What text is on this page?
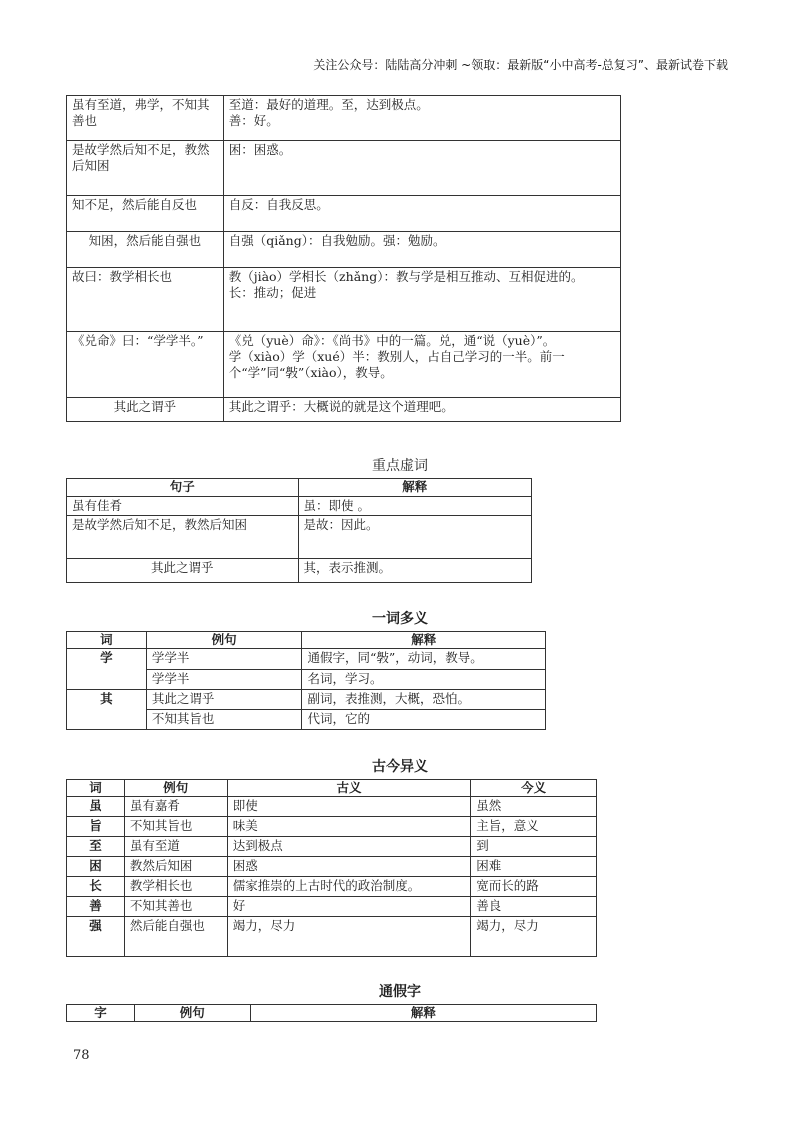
关注公众号：陆陆高分冲刺 ~领取：最新版“小中高考-总复习”、最新试卷下载
虽有至道，弗学，不知其善也	至道：最好的道理。至，达到极点。
善：好。

是故学然后知不足，教然后知困	困：困惑。

知不足，然后能自反也	自反：自我反思。

知困，然后能自强也	自强（qiǎng）：自我勉励。强：勉励。

故曰：教学相长也	教（jiào）学相长（zhǎng）：教与学是相互推动、互相促进的。
长：推动；促进

《兑命》曰：“学学半。”	《兑（yuè）命》：《尚书》中的一篇。兑，通“说（yuè）”。
学（xiào）学（xué）半：教别人，占自己学习的一半。前一个“学”同“斅”（xiào），教导。

其此之谓乎	其此之谓乎：大概说的就是这个道理吧。
重点虚词
句子	解释
虽有佳肴	虽：即使 。
是故学然后知不足，教然后知困	是故：因此。
其此之谓乎	其，表示推测。
一词多义
词	例句	解释
学	学学半	通假字，同“斅”，动词，教导。
	学学半	名词，学习。
其	其此之谓乎	副词，表推测，大概，恐怕。
	不知其旨也	代词，它的
古今异义
词	例句	古义	今义
虽	虽有嘉肴	即使	虽然
旨	不知其旨也	味美	主旨，意义
至	虽有至道	达到极点	到
困	教然后知困	困惑	困难
长	教学相长也	儒家推崇的上古时代的政治制度。	宽而长的路
善	不知其善也	好	善良
强	然后能自强也	竭力，尽力	竭力，尽力
通假字
字	例句	解释
78
